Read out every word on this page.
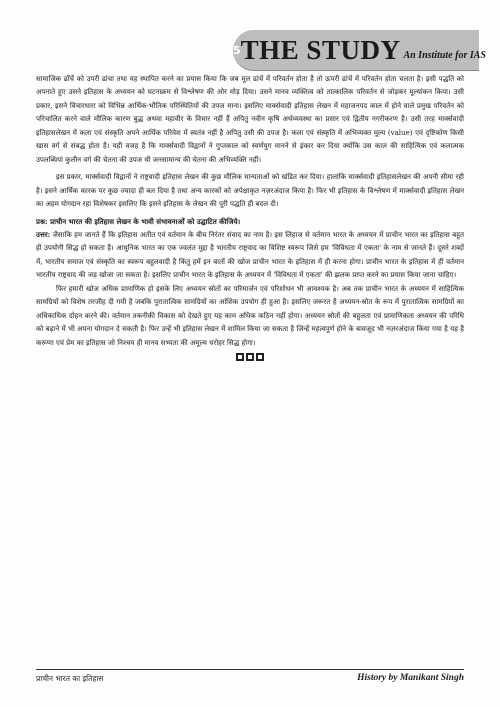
5 THE STUDY An Institute for IAS

सामाजिक ढाँचें को उपरी ढांचा तथा यह स्थापित करने का प्रयास किया कि जब मूल ढांचें में परिवर्तन होता है तो ऊपरी ढांचें में परिवर्तन होता चलता है। इसी पद्धति को अपनाते हुए उसने इतिहास के अध्ययन को घटनाक्रम से विश्लेषण की ओर मोड़ दिया। उसने मानव व्यक्तित्व को तात्कालिक परिवर्तन से जोड़कर मूल्यांकन किया। उसी प्रकार, इसने विचारधारा को विभिन्न आर्थिक-भौतिक परिस्थितियों की उपज माना। इसलिए मार्क्सवादी इतिहास लेखन में महाजनपद काल में होने वाले प्रमुख परिवर्तन को परिचालित करने वाले मौलिक कारण बुद्ध अथवा महावीर के विचार नहीं हैं अपितु नवीन कृषि अर्थव्यवस्था का प्रसार एवं द्वितीय नगरीकरण है। उसी तरह मार्क्सवादी इतिहासलेखन में कला एवं संस्कृति अपने आर्थिक परिवेश में स्वतंत्र नहीं है अपितु उसी की उपज है। कला एवं संस्कृति में अभिव्यक्त मूल्य (value) एवं दृष्टिकोण किसी खास वर्ग से संबद्ध होता है। यही वजह है कि मार्क्सवादी विद्वानों ने गुप्तकाल को स्वर्णयुग मानने से इंकार कर दिया क्योंकि उस काल की साहित्यिक एवं कलात्मक उपलब्धियां कुलीन वर्ग की चेतना की उपज थी जनसामान्य की चेतना की अभिव्यक्ति नहीं।

इस प्रकार, मार्क्सवादी विद्वानों ने राष्ट्रवादी इतिहास लेखन की कुछ मौलिक मान्यताओं को खंडित कर दिया। हालांकि मार्क्सवादी इतिहासलेखन की अपनी सीमा रही है। इसने आर्थिक कारक पर कुछ ज्यादा ही बल दिया है तथा अन्य कारकों को अपेक्षाकृत नज़रअंदाज किया है। फिर भी इतिहास के विश्लेषण में मार्क्सवादी इतिहास लेखन का अहम योगदान रहा विशेषकर इसलिए कि इसने इतिहास के लेखन की पूरी पद्धति ही बदल दी।

प्रश्न: प्राचीन भारत की इतिहास लेखन के भावी संभावनाओं को उद्घाटित कीजिये।

उत्तर: जैसाकि हम जानते हैं कि इतिहास अतीत एवं वर्तमान के बीच निरंतर संवाद का नाम है। इस लिहाज से वर्तमान भारत के अध्ययन में प्राचीन भारत का इतिहास बहुत ही उपयोगी सिद्ध हो सकता है। आधुनिक भारत का एक ज्वलंत मुद्दा है भारतीय राष्ट्रवाद का विशिष्ट स्वरूप जिसे हम 'विविधता में एकता' के नाम से जानते हैं। दूसरे शब्दों में, भारतीय समाज एवं संस्कृति का स्वरूप बहुलवादी है किंतु हमें इन बातों की खोज प्राचीन भारत के इतिहास में ही करना होगा। प्राचीन भारत के इतिहास में ही वर्तमान भारतीय राष्ट्रवाद की जड़ खोजा जा सकता है। इसलिए प्राचीन भारत के इतिहास के अध्ययन में 'विविधता में एकता' की झलक प्राप्त करने का प्रयास किया जाना चाहिए।

फिर हमारी खोज अधिक प्रामाणिक हो इसके लिए अध्ययन स्रोतों का परिमार्जन एवं परिशोधन भी आवश्यक है। अब तक प्राचीन भारत के अध्ययन में साहित्यिक सामग्रियों को विशेष तरजीह दी गयी है जबकि पुरातात्विक सामग्रियों का आंशिक उपयोग ही हुआ है। इसलिए जरूरत है अध्ययन-स्रोत के रूप में पुरातात्विक सामग्रियों का अधिकाधिक दोहन करने की। वर्तमान तकनीकी विकास को देखते हुए यह काम अधिक कठिन नहीं होगा। अध्ययन स्रोतों की बहुलता एवं प्रामाणिकता अध्ययन की परिधि को बढ़ाने में भी अपना योगदान दे सकती है। फिर उन्हें भी इतिहास लेखन में शामिल किया जा सकता है जिन्हें महत्वपूर्ण होने के बावजूद भी नज़रअंदाज किया गया है यह है करूणा एवं प्रेम का इतिहास जो निश्चय ही मानव सभ्यता की अमूल्य धरोहर सिद्ध होगा।

प्राचीन भारत का इतिहास	History by Manikant Singh
